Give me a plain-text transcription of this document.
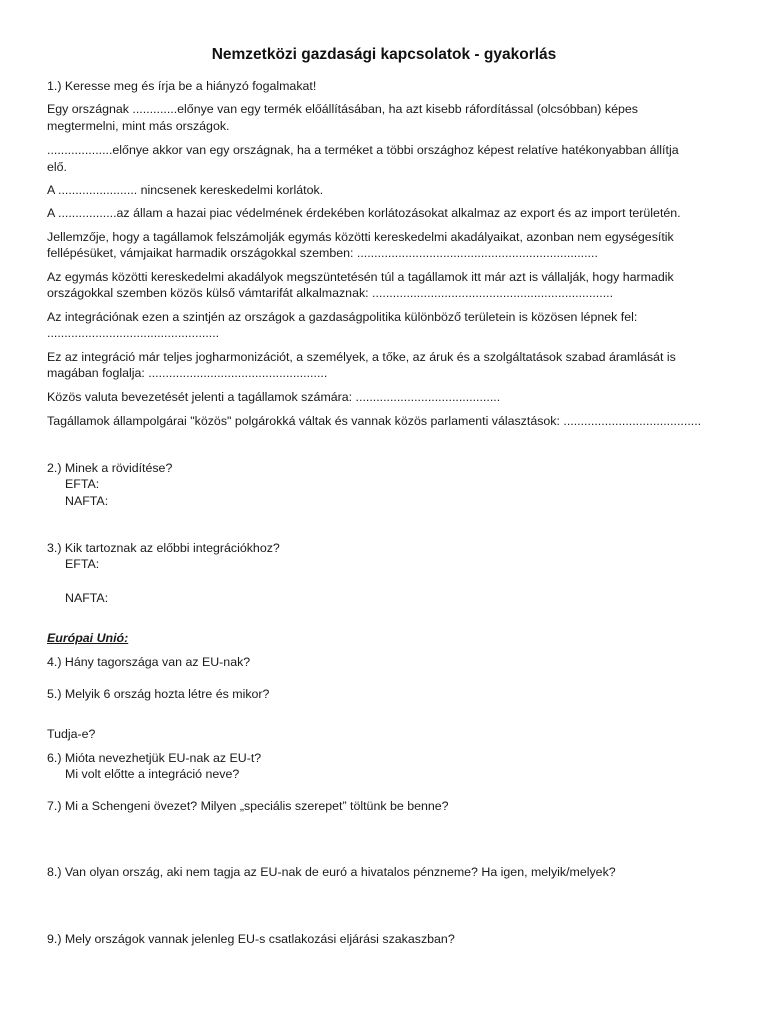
Nemzetközi gazdasági kapcsolatok - gyakorlás
1.) Keresse meg és írja be a hiányzó fogalmakat!
Egy országnak .............előnye van egy termék előállításában, ha azt kisebb ráfordítással (olcsóbban) képes
megtermelni, mint más országok.
...................előnye akkor van egy országnak, ha a terméket a többi országhoz képest relatíve hatékonyabban állítja
elő.
A ....................... nincsenek kereskedelmi korlátok.
A .................az állam a hazai piac védelmének érdekében korlátozásokat alkalmaz az export és az import területén.
Jellemzője, hogy a tagállamok felszámolják egymás közötti kereskedelmi akadályaikat, azonban nem egységesítik
fellépésüket, vámjaikat harmadik országokkal szemben: ......................................................................
Az egymás közötti kereskedelmi akadályok megszüntetésén túl a tagállamok itt már azt is vállalják, hogy harmadik
országokkal szemben közös külső vámtarifát alkalmaznak: ......................................................................
Az integrációnak ezen a szintjén az országok a gazdaságpolitika különböző területein is közösen lépnek fel:
..................................................
Ez az integráció már teljes jogharmonizációt, a személyek, a tőke, az áruk és a szolgáltatások szabad áramlását is
magában foglalja: ....................................................
Közös valuta bevezetését jelenti a tagállamok számára: ..........................................
Tagállamok állampolgárai "közös" polgárokká váltak és vannak közös parlamenti választások: ........................................
2.) Minek a rövidítése?
EFTA:
NAFTA:
3.) Kik tartoznak az előbbi integrációkhoz?
EFTA:
NAFTA:
Európai Unió:
4.) Hány tagországa van az EU-nak?
5.) Melyik 6 ország hozta létre és mikor?
Tudja-e?
6.) Mióta nevezhetjük EU-nak az EU-t?
Mi volt előtte a integráció neve?
7.) Mi a Schengeni övezet? Milyen „speciális szerepet” töltünk be benne?
8.) Van olyan ország, aki nem tagja az EU-nak de euró a hivatalos pénzneme? Ha igen, melyik/melyek?
9.) Mely országok vannak jelenleg EU-s csatlakozási eljárási szakaszban?
